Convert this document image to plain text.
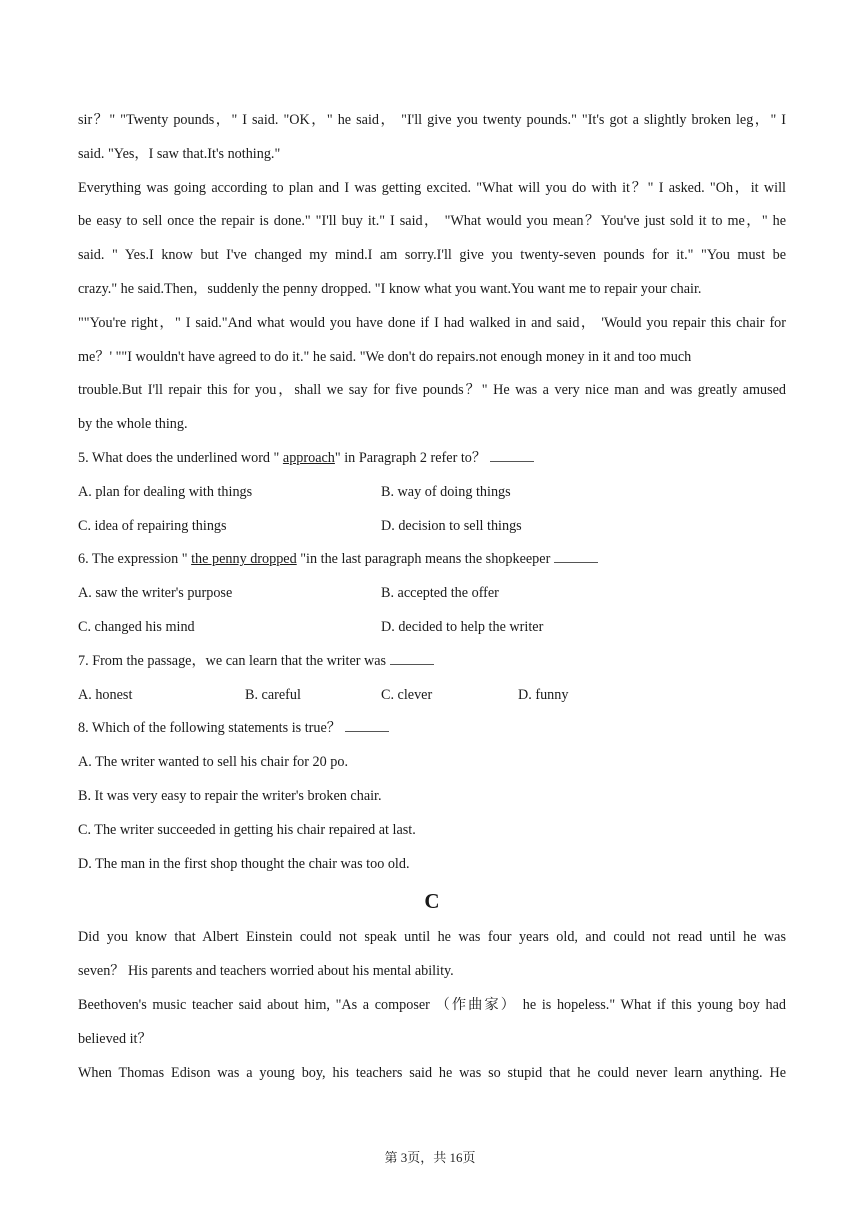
sir？" "Twenty pounds，" I said. "OK，" he said， "I'll give you twenty pounds." "It's got a slightly broken leg，" I
said. "Yes，I saw that.It's nothing."
Everything was going according to plan and I was getting excited. "What will you do with it？" I asked. "Oh，it will
be easy to sell once the repair is done." "I'll buy it." I said， "What would you mean？You've just sold it to me，" he
said. " Yes.I know but I've changed my mind.I am sorry.I'll give you twenty-seven pounds for it." "You must be
crazy." he said.Then，suddenly the penny dropped. "I know what you want.You want me to repair your chair.
""You're right，" I said."And what would you have done if I had walked in and said， 'Would you repair this chair for
me？' ""I wouldn't have agreed to do it." he said. "We don't do repairs.not enough money in it and too much
trouble.But I'll repair this for you，shall we say for five pounds？" He was a very nice man and was greatly amused
by the whole thing.
5. What does the underlined word " approach" in Paragraph 2 refer to？
A. plan for dealing with things	B. way of doing things
C. idea of repairing things	D. decision to sell things
6. The expression " the penny dropped "in the last paragraph means the shopkeeper
A. saw the writer's purpose	B. accepted the offer
C. changed his mind	D. decided to help the writer
7. From the passage，we can learn that the writer was
A. honest	B. careful	C. clever	D. funny
8. Which of the following statements is true？
A. The writer wanted to sell his chair for 20 po.
B. It was very easy to repair the writer's broken chair.
C. The writer succeeded in getting his chair repaired at last.
D. The man in the first shop thought the chair was too old.
C
Did you know that Albert Einstein could not speak until he was four years old, and could not read until he was
seven？ His parents and teachers worried about his mental ability.
Beethoven's music teacher said about him, "As a composer （作曲家） he is hopeless." What if this young boy had
believed it？
When Thomas Edison was a young boy, his teachers said he was so stupid that he could never learn anything. He
第 3页，共 16页
